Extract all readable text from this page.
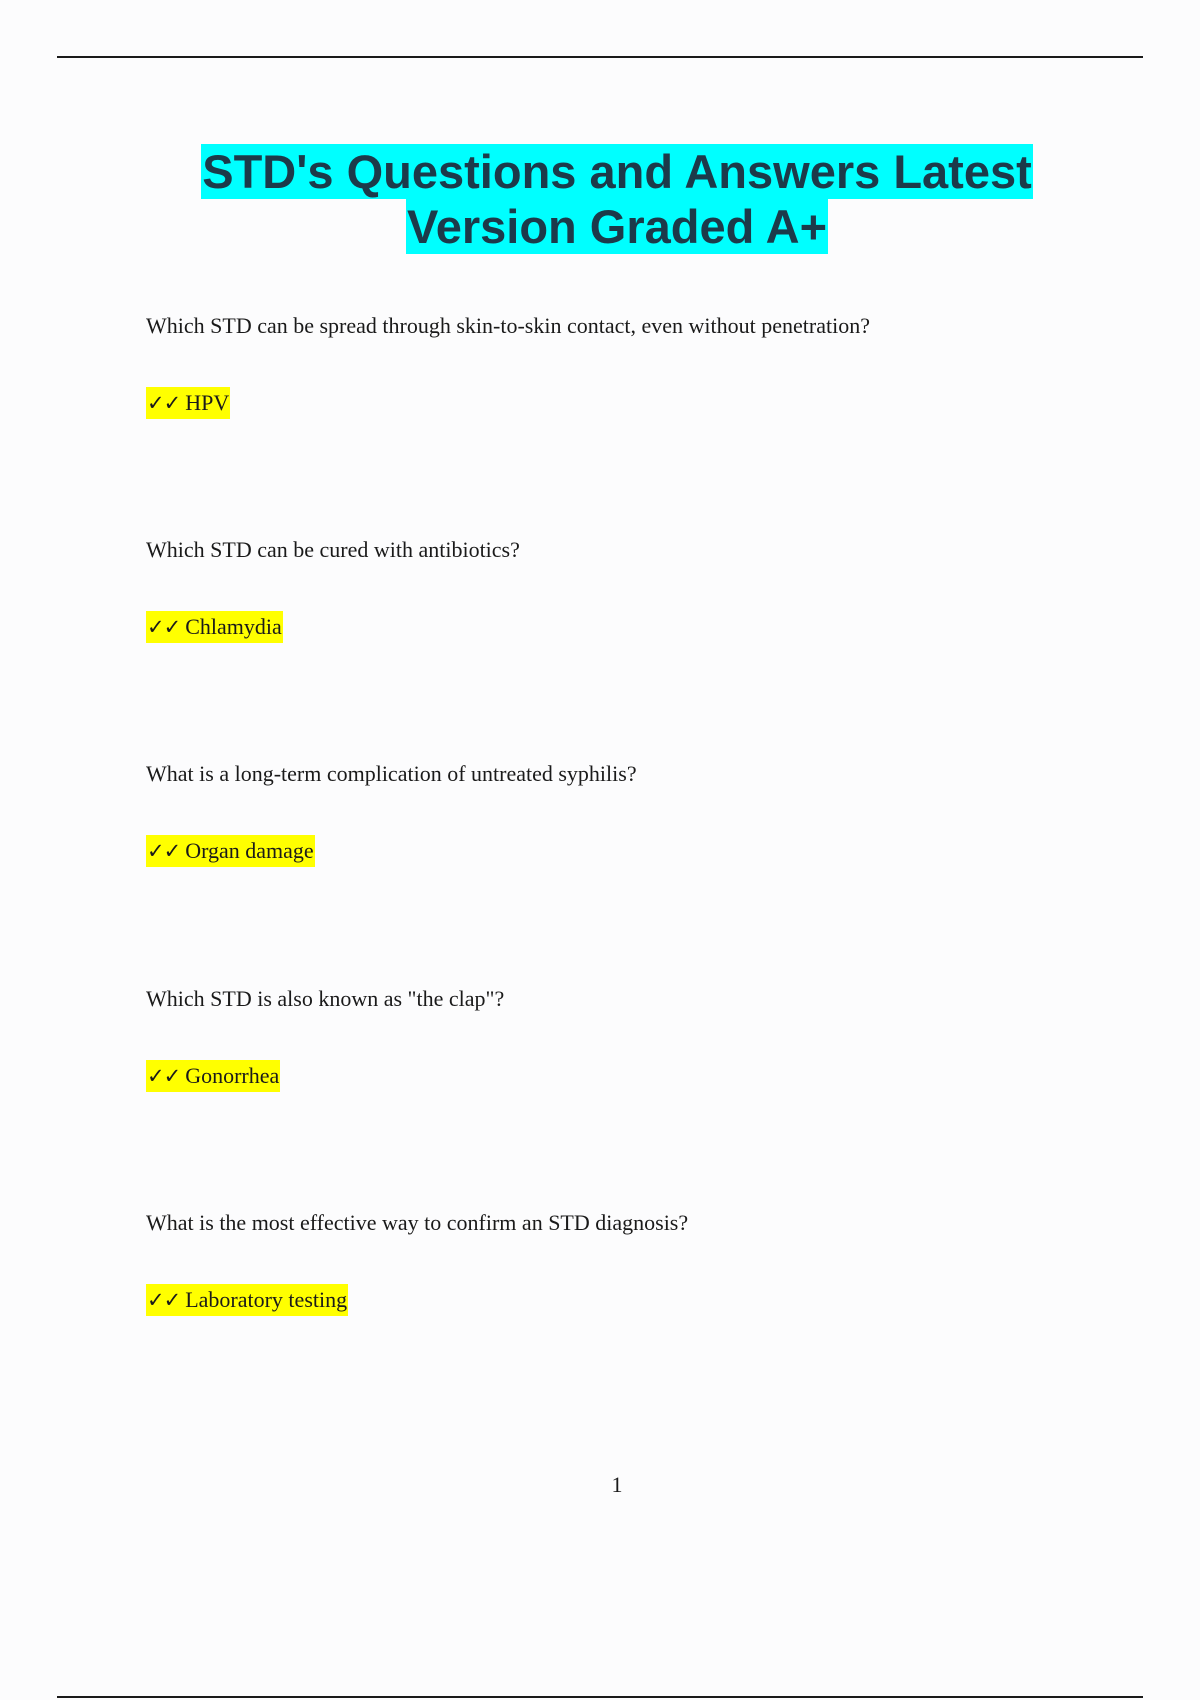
STD's Questions and Answers Latest
Version Graded A+

Which STD can be spread through skin-to-skin contact, even without penetration?

✓✓ HPV

Which STD can be cured with antibiotics?

✓✓ Chlamydia

What is a long-term complication of untreated syphilis?

✓✓ Organ damage

Which STD is also known as "the clap"?

✓✓ Gonorrhea

What is the most effective way to confirm an STD diagnosis?

✓✓ Laboratory testing
1
